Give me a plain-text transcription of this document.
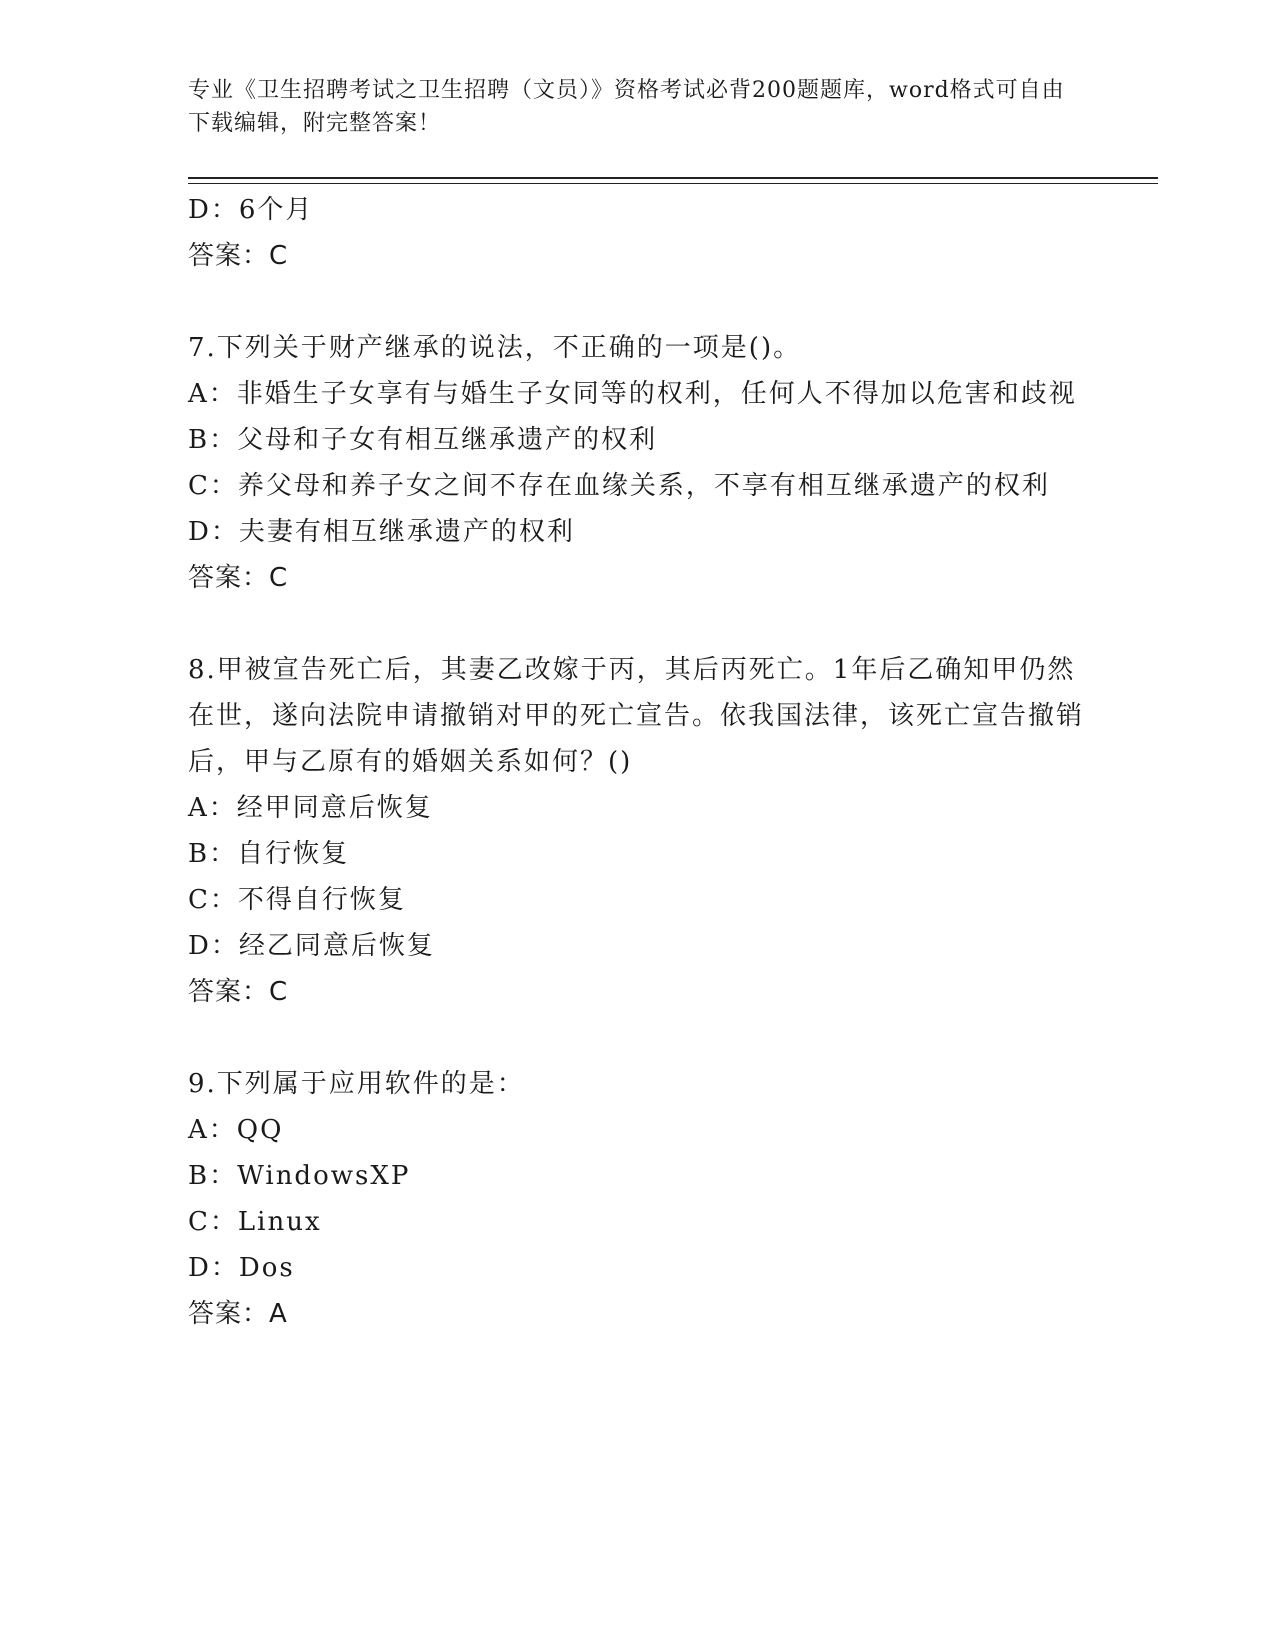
专业《卫生招聘考试之卫生招聘（文员）》资格考试必背200题题库，word格式可自由下载编辑，附完整答案！

D：6个月

答案：C

7.下列关于财产继承的说法，不正确的一项是()。

A：非婚生子女享有与婚生子女同等的权利，任何人不得加以危害和歧视

B：父母和子女有相互继承遗产的权利

C：养父母和养子女之间不存在血缘关系，不享有相互继承遗产的权利

D：夫妻有相互继承遗产的权利

答案：C

8.甲被宣告死亡后，其妻乙改嫁于丙，其后丙死亡。1年后乙确知甲仍然在世，遂向法院申请撤销对甲的死亡宣告。依我国法律，该死亡宣告撤销后，甲与乙原有的婚姻关系如何？()

A：经甲同意后恢复

B：自行恢复

C：不得自行恢复

D：经乙同意后恢复

答案：C

9.下列属于应用软件的是：

A：QQ

B：WindowsXP

C：Linux

D：Dos

答案：A
